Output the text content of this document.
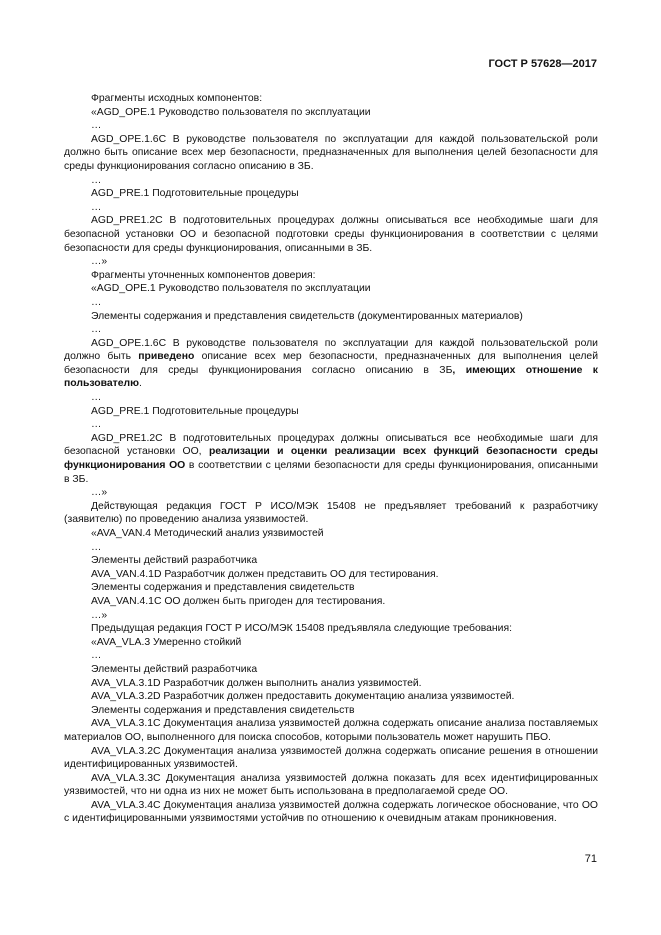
ГОСТ Р 57628—2017

Фрагменты исходных компонентов:

«AGD_OPE.1 Руководство пользователя по эксплуатации

…

AGD_OPE.1.6C В руководстве пользователя по эксплуатации для каждой пользовательской роли должно быть описание всех мер безопасности, предназначенных для выполнения целей безопасности для среды функционирования согласно описанию в ЗБ.

…

AGD_PRE.1 Подготовительные процедуры

…

AGD_PRE1.2C В подготовительных процедурах должны описываться все необходимые шаги для безопасной установки ОО и безопасной подготовки среды функционирования в соответствии с целями безопасности для среды функционирования, описанными в ЗБ.

…»

Фрагменты уточненных компонентов доверия:

«AGD_OPE.1 Руководство пользователя по эксплуатации

…

Элементы содержания и представления свидетельств (документированных материалов)

…

AGD_OPE.1.6C В руководстве пользователя по эксплуатации для каждой пользовательской роли должно быть приведено описание всех мер безопасности, предназначенных для выполнения целей безопасности для среды функционирования согласно описанию в ЗБ, имеющих отношение к пользователю.

…

AGD_PRE.1 Подготовительные процедуры

…

AGD_PRE1.2C В подготовительных процедурах должны описываться все необходимые шаги для безопасной установки ОО, реализации и оценки реализации всех функций безопасности среды функционирования ОО в соответствии с целями безопасности для среды функционирования, описанными в ЗБ.

…»

Действующая редакция ГОСТ Р ИСО/МЭК 15408 не предъявляет требований к разработчику (заявителю) по проведению анализа уязвимостей.

«AVA_VAN.4 Методический анализ уязвимостей

…

Элементы действий разработчика

AVA_VAN.4.1D Разработчик должен представить ОО для тестирования.

Элементы содержания и представления свидетельств

AVA_VAN.4.1C ОО должен быть пригоден для тестирования.

…»

Предыдущая редакция ГОСТ Р ИСО/МЭК 15408 предъявляла следующие требования:

«AVA_VLA.3 Умеренно стойкий

…

Элементы действий разработчика

AVA_VLA.3.1D Разработчик должен выполнить анализ уязвимостей.

AVA_VLA.3.2D Разработчик должен предоставить документацию анализа уязвимостей.

Элементы содержания и представления свидетельств

AVA_VLA.3.1C Документация анализа уязвимостей должна содержать описание анализа поставляемых материалов ОО, выполненного для поиска способов, которыми пользователь может нарушить ПБО.

AVA_VLA.3.2C Документация анализа уязвимостей должна содержать описание решения в отношении идентифицированных уязвимостей.

AVA_VLA.3.3C Документация анализа уязвимостей должна показать для всех идентифицированных уязвимостей, что ни одна из них не может быть использована в предполагаемой среде ОО.

AVA_VLA.3.4C Документация анализа уязвимостей должна содержать логическое обоснование, что ОО с идентифицированными уязвимостями устойчив по отношению к очевидным атакам проникновения.

71
